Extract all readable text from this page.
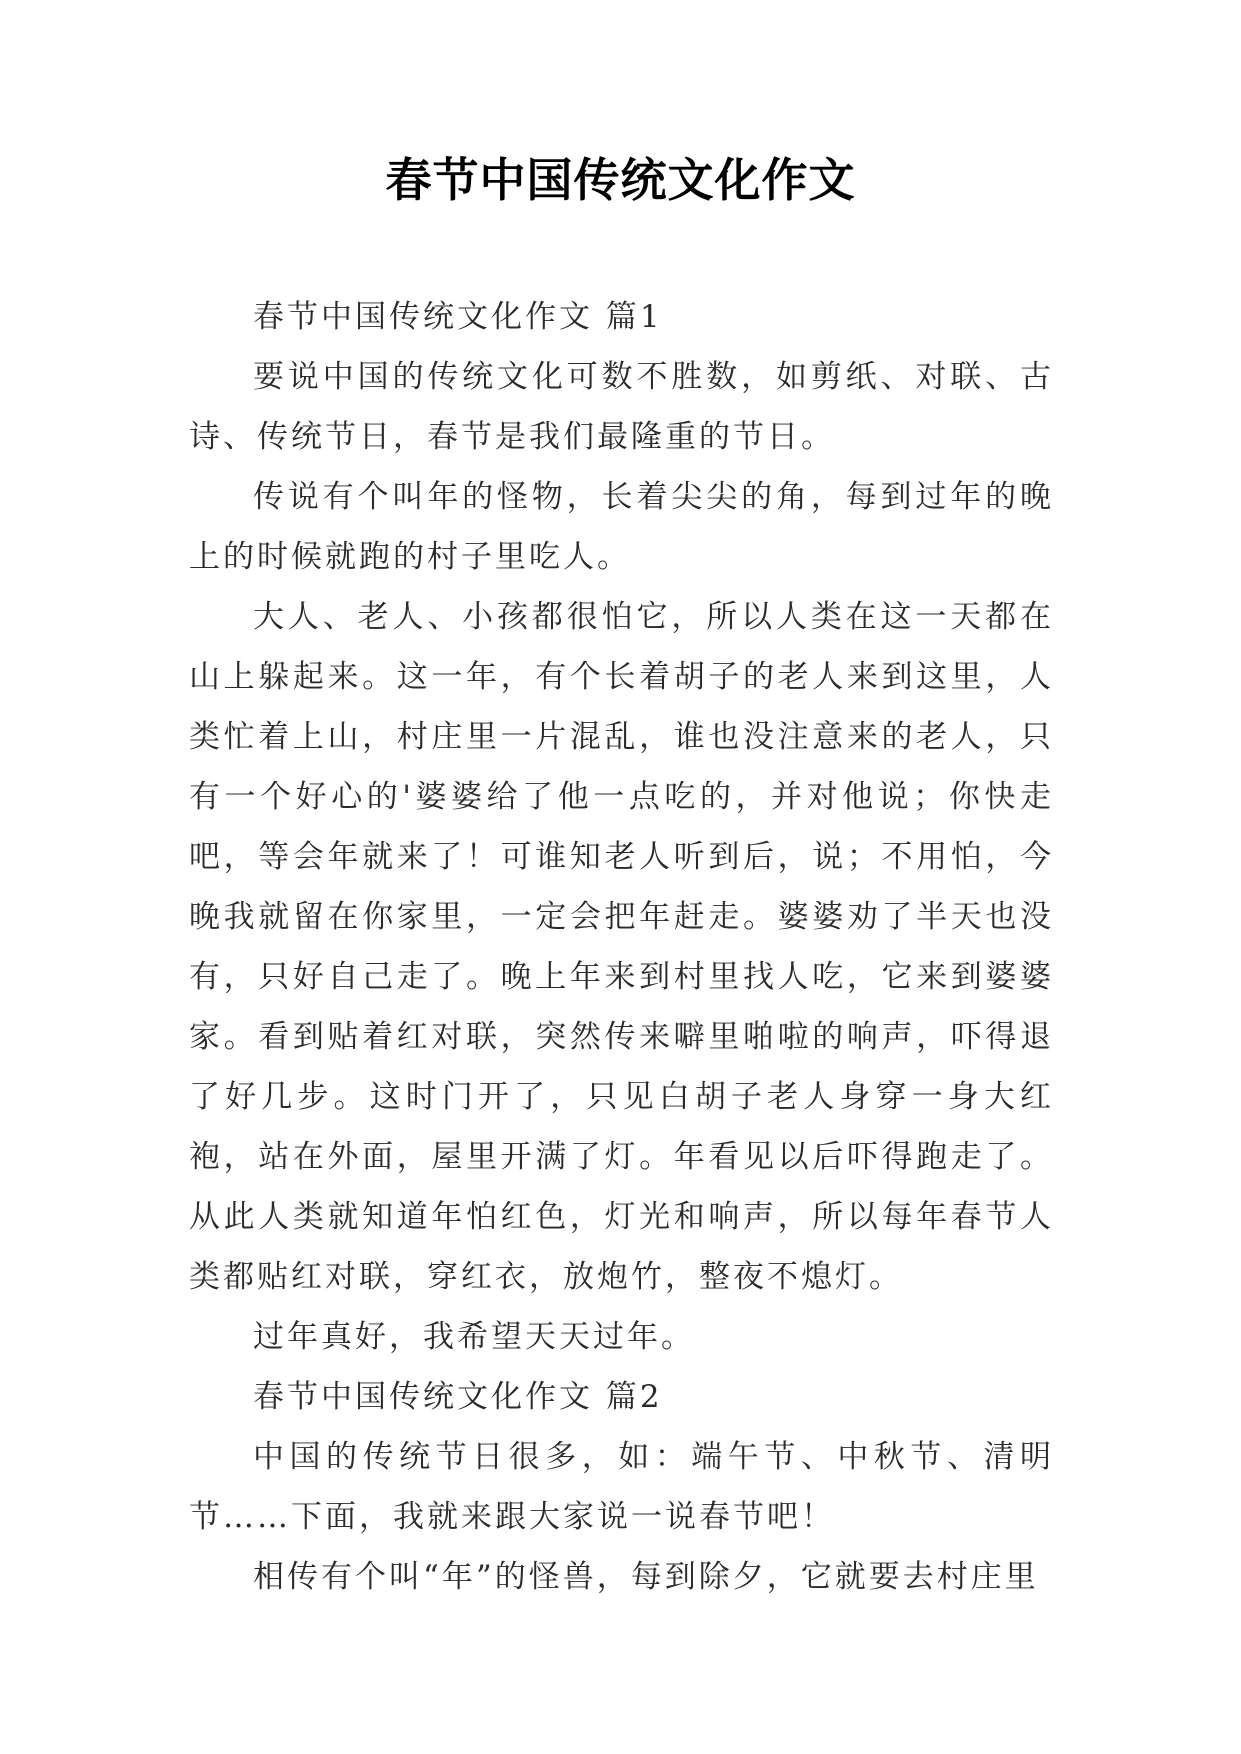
春节中国传统文化作文

春节中国传统文化作文 篇1

要说中国的传统文化可数不胜数，如剪纸、对联、古诗、传统节日，春节是我们最隆重的节日。

传说有个叫年的怪物，长着尖尖的角，每到过年的晚上的时候就跑的村子里吃人。

大人、老人、小孩都很怕它，所以人类在这一天都在山上躲起来。这一年，有个长着胡子的老人来到这里，人类忙着上山，村庄里一片混乱，谁也没注意来的老人，只有一个好心的'婆婆给了他一点吃的，并对他说；你快走吧，等会年就来了！可谁知老人听到后，说；不用怕，今晚我就留在你家里，一定会把年赶走。婆婆劝了半天也没有，只好自己走了。晚上年来到村里找人吃，它来到婆婆家。看到贴着红对联，突然传来噼里啪啦的响声，吓得退了好几步。这时门开了，只见白胡子老人身穿一身大红袍，站在外面，屋里开满了灯。年看见以后吓得跑走了。从此人类就知道年怕红色，灯光和响声，所以每年春节人类都贴红对联，穿红衣，放炮竹，整夜不熄灯。

过年真好，我希望天天过年。

春节中国传统文化作文 篇2

中国的传统节日很多，如：端午节、中秋节、清明节……下面，我就来跟大家说一说春节吧！

相传有个叫“年”的怪兽，每到除夕，它就要去村庄里
